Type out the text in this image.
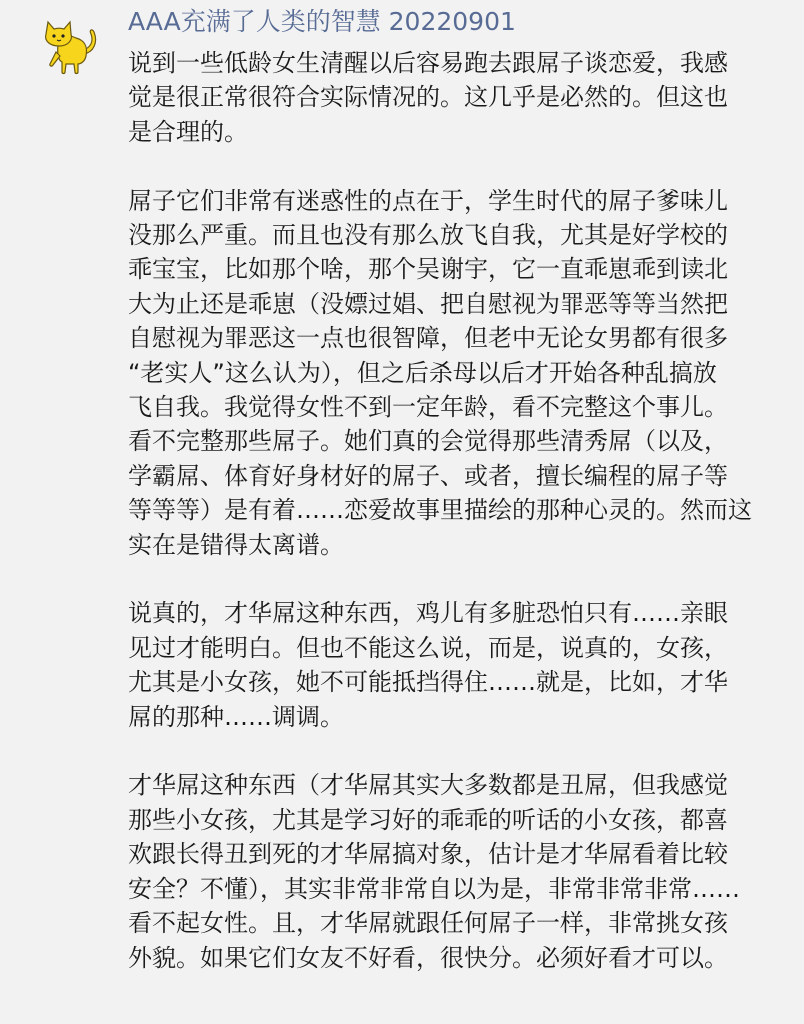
AAA充满了人类的智慧 20220901

说到一些低龄女生清醒以后容易跑去跟屌子谈恋爱，我感
觉是很正常很符合实际情况的。这几乎是必然的。但这也
是合理的。

屌子它们非常有迷惑性的点在于，学生时代的屌子爹味儿
没那么严重。而且也没有那么放飞自我，尤其是好学校的
乖宝宝，比如那个啥，那个吴谢宇，它一直乖崽乖到读北
大为止还是乖崽（没嫖过娼、把自慰视为罪恶等等当然把
自慰视为罪恶这一点也很智障，但老中无论女男都有很多
“老实人”这么认为），但之后杀母以后才开始各种乱搞放
飞自我。我觉得女性不到一定年龄，看不完整这个事儿。
看不完整那些屌子。她们真的会觉得那些清秀屌（以及，
学霸屌、体育好身材好的屌子、或者，擅长编程的屌子等
等等等）是有着……恋爱故事里描绘的那种心灵的。然而这
实在是错得太离谱。

说真的，才华屌这种东西，鸡儿有多脏恐怕只有……亲眼
见过才能明白。但也不能这么说，而是，说真的，女孩，
尤其是小女孩，她不可能抵挡得住……就是，比如，才华
屌的那种……调调。

才华屌这种东西（才华屌其实大多数都是丑屌，但我感觉
那些小女孩，尤其是学习好的乖乖的听话的小女孩，都喜
欢跟长得丑到死的才华屌搞对象，估计是才华屌看着比较
安全？不懂），其实非常非常自以为是，非常非常非常……
看不起女性。且，才华屌就跟任何屌子一样，非常挑女孩
外貌。如果它们女友不好看，很快分。必须好看才可以。
